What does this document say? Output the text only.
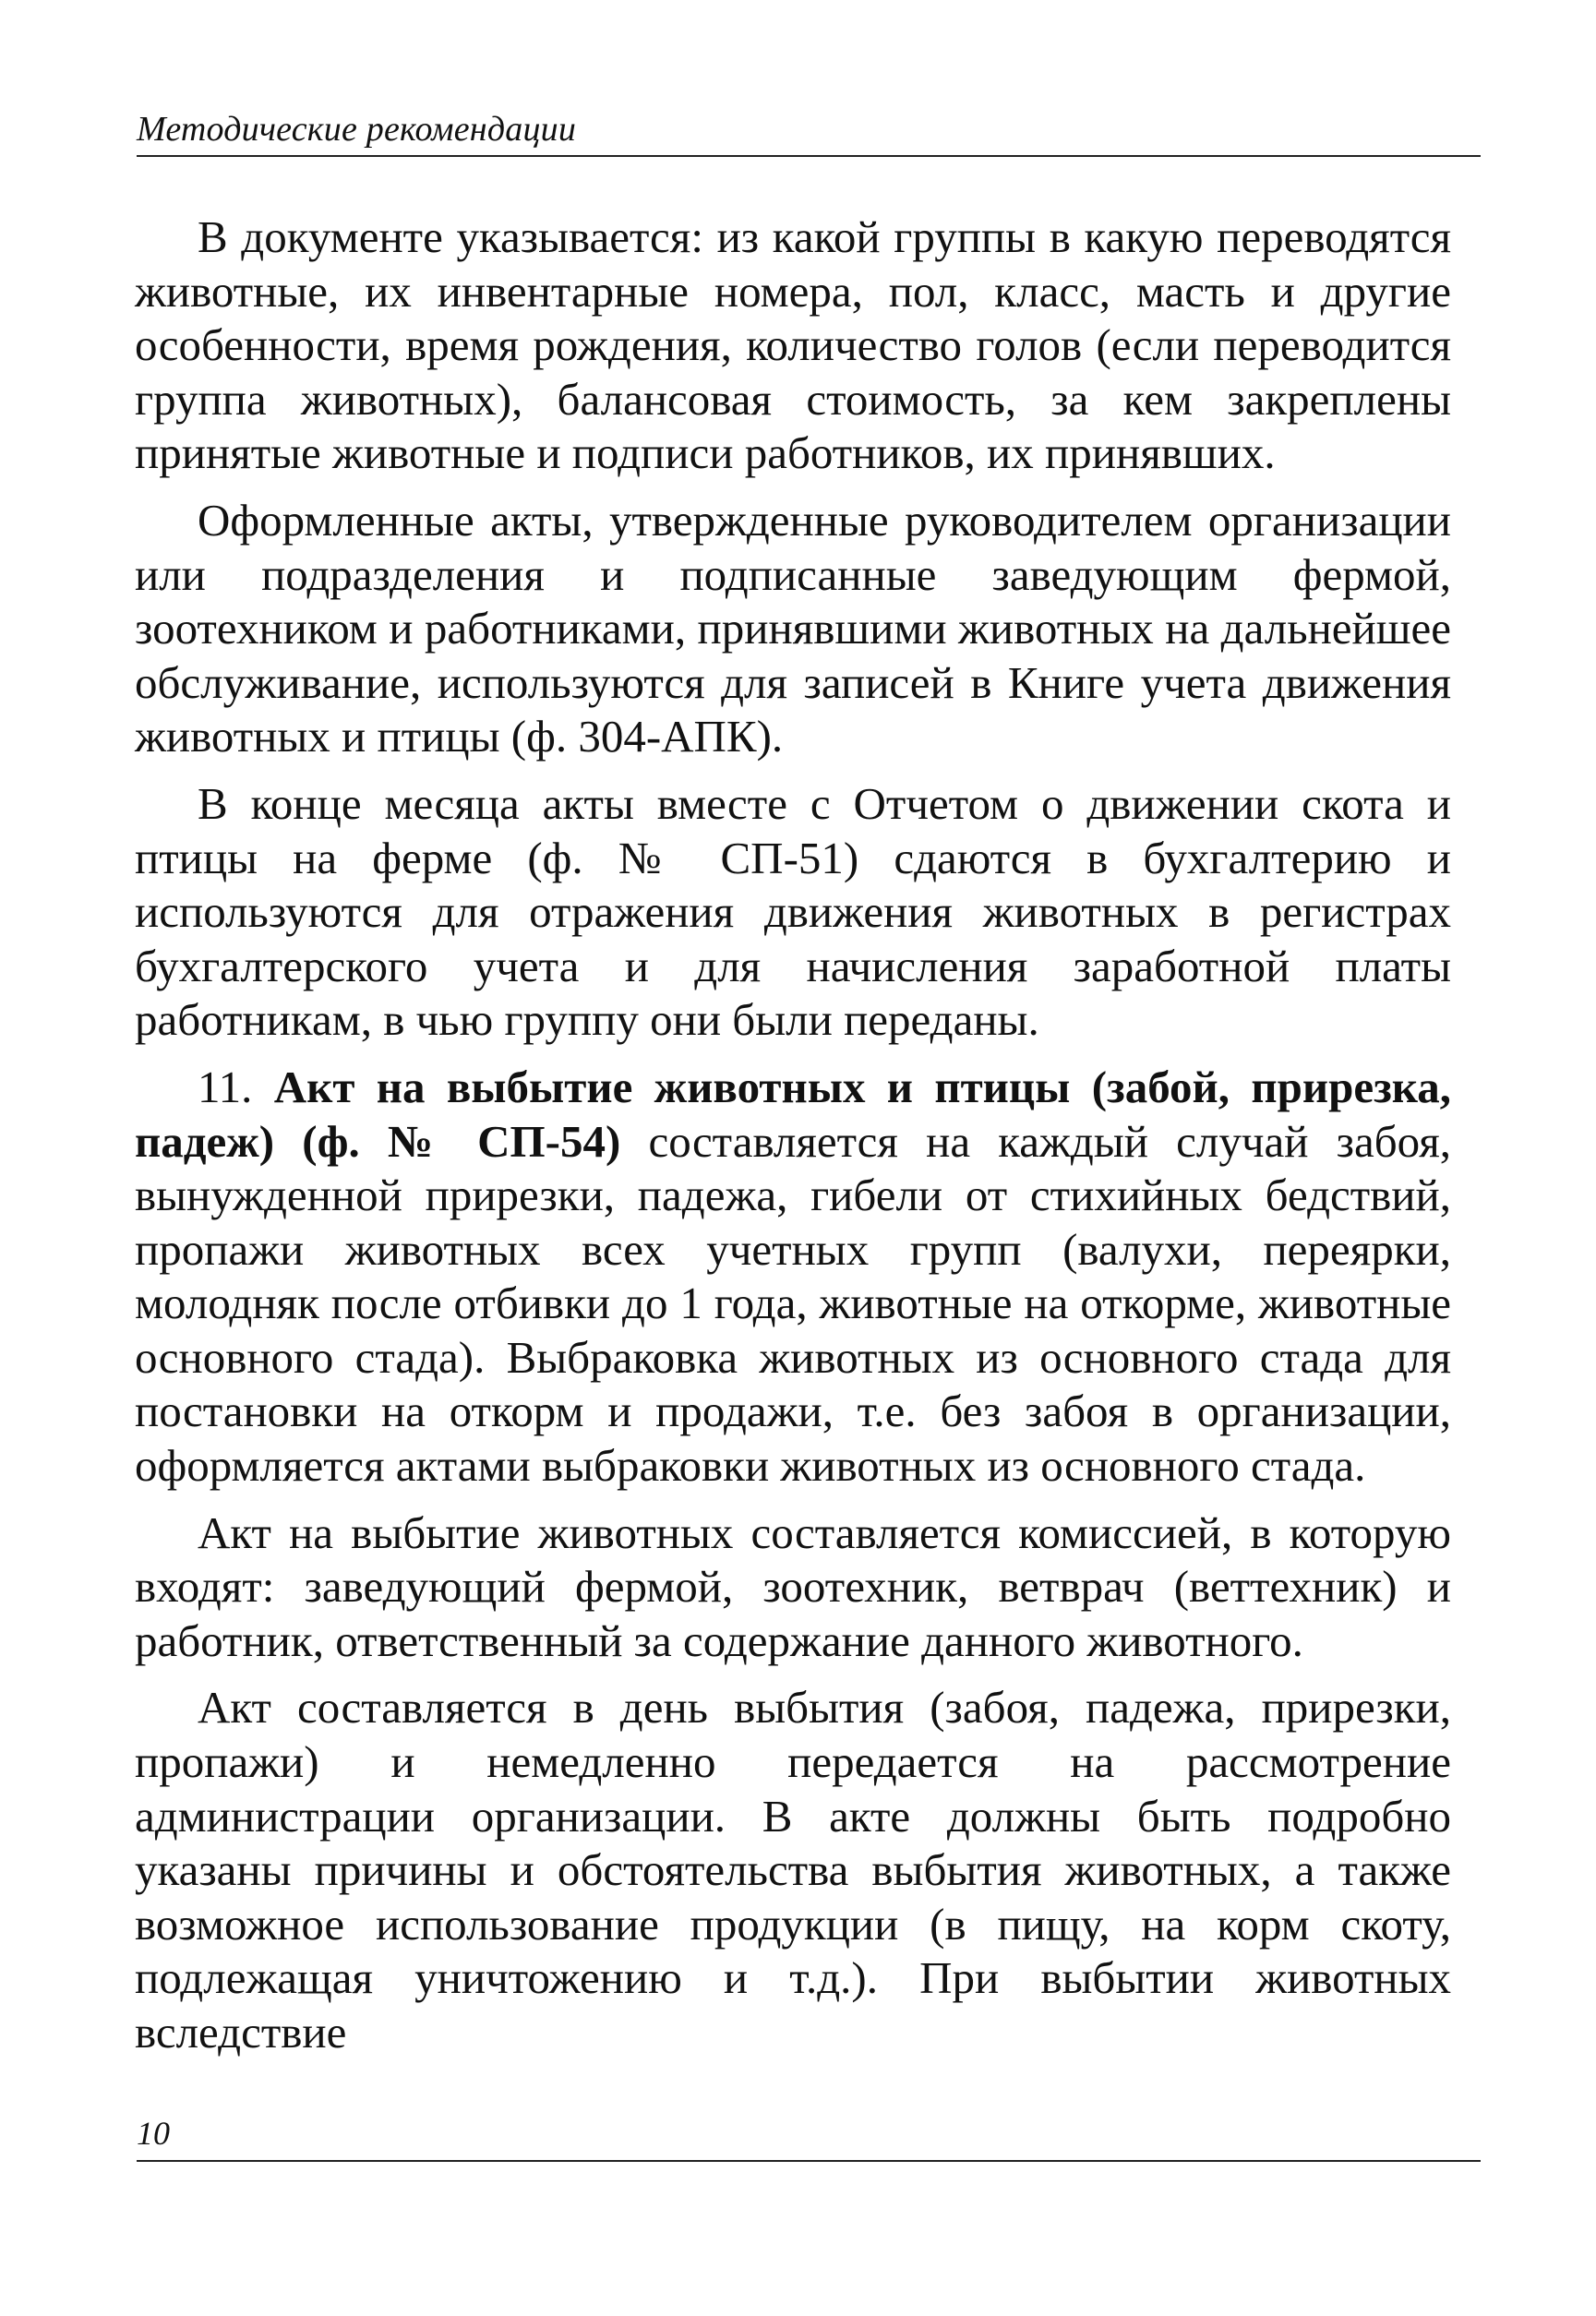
Методические рекомендации

В документе указывается: из какой группы в какую переводятся животные, их инвентарные номера, пол, класс, масть и другие особенности, время рождения, количество голов (если переводится группа животных), балансовая стоимость, за кем закреплены принятые животные и подписи работников, их принявших.

Оформленные акты, утвержденные руководителем организации или подразделения и подписанные заведующим фермой, зоотехником и работниками, принявшими животных на дальнейшее обслуживание, используются для записей в Книге учета движения животных и птицы (ф. 304-АПК).

В конце месяца акты вместе с Отчетом о движении скота и птицы на ферме (ф. № СП-51) сдаются в бухгалтерию и используются для отражения движения животных в регистрах бухгалтерского учета и для начисления заработной платы работникам, в чью группу они были переданы.

11. Акт на выбытие животных и птицы (забой, прирезка, падеж) (ф. № СП-54) составляется на каждый случай забоя, вынужденной прирезки, падежа, гибели от стихийных бедствий, пропажи животных всех учетных групп (валухи, переярки, молодняк после отбивки до 1 года, животные на откорме, животные основного стада). Выбраковка животных из основного стада для постановки на откорм и продажи, т.е. без забоя в организации, оформляется актами выбраковки животных из основного стада.

Акт на выбытие животных составляется комиссией, в которую входят: заведующий фермой, зоотехник, ветврач (веттехник) и работник, ответственный за содержание данного животного.

Акт составляется в день выбытия (забоя, падежа, прирезки, пропажи) и немедленно передается на рассмотрение администрации организации. В акте должны быть подробно указаны причины и обстоятельства выбытия животных, а также возможное использование продукции (в пищу, на корм скоту, подлежащая уничтожению и т.д.). При выбытии животных вследствие

10
